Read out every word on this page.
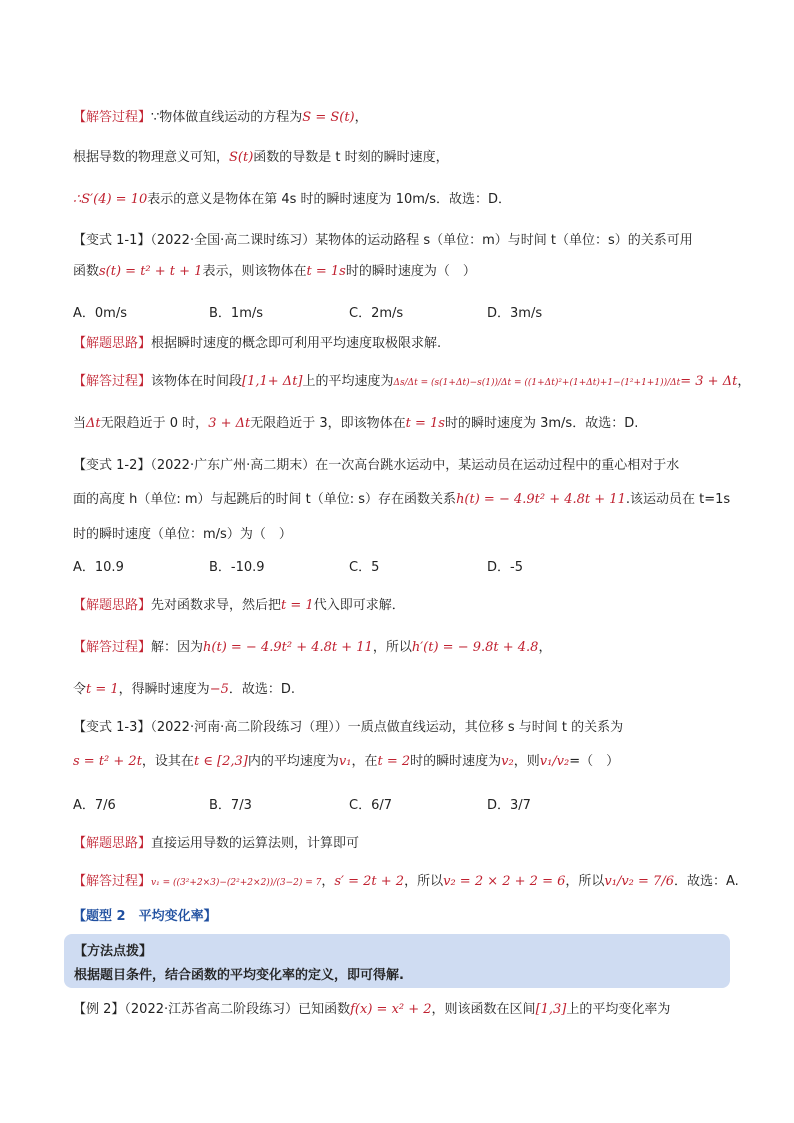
【解答过程】∵物体做直线运动的方程为S = S(t)，
根据导数的物理意义可知，S(t)函数的导数是 t 时刻的瞬时速度，
∴S′(4) = 10表示的意义是物体在第 4s 时的瞬时速度为 10m/s．故选：D．
【变式 1-1】（2022·全国·高二课时练习）某物体的运动路程 s（单位：m）与时间 t（单位：s）的关系可用
函数s(t) = t² + t + 1表示，则该物体在t = 1s时的瞬时速度为（　）
A．0m/s	B．1m/s	C．2m/s	D．3m/s
【解题思路】根据瞬时速度的概念即可利用平均速度取极限求解.
【解答过程】该物体在时间段[1,1+ Δt]上的平均速度为Δs/Δt = (s(1+Δt)−s(1))/Δt = ((1+Δt)²+(1+Δt)+1−(1²+1+1))/Δt= 3 + Δt，
当Δt无限趋近于 0 时，3 + Δt无限趋近于 3，即该物体在t = 1s时的瞬时速度为 3m/s．故选：D.
【变式 1-2】（2022·广东广州·高二期末）在一次高台跳水运动中，某运动员在运动过程中的重心相对于水
面的高度 h（单位: m）与起跳后的时间 t（单位: s）存在函数关系h(t) = − 4.9t² + 4.8t + 11.该运动员在 t=1s
时的瞬时速度（单位：m/s）为（　）
A．10.9	B．-10.9	C．5	D．-5
【解题思路】先对函数求导，然后把t = 1代入即可求解．
【解答过程】解：因为h(t) = − 4.9t² + 4.8t + 11，所以h′(t) = − 9.8t + 4.8，
令t = 1，得瞬时速度为−5．故选：D.
【变式 1-3】（2022·河南·高二阶段练习（理））一质点做直线运动，其位移 s 与时间 t 的关系为
s = t² + 2t，设其在t ∈ [2,3]内的平均速度为v₁，在t = 2时的瞬时速度为v₂，则v₁/v₂=（　）
A．7/6	B．7/3	C．6/7	D．3/7
【解题思路】直接运用导数的运算法则，计算即可
【解答过程】v₁ = ((3²+2×3)−(2²+2×2))/(3−2) = 7，s′ = 2t + 2，所以v₂ = 2 × 2 + 2 = 6，所以v₁/v₂ = 7/6．故选：A.
【题型 2　平均变化率】
【方法点拨】
根据题目条件，结合函数的平均变化率的定义，即可得解.
【例 2】（2022·江苏省高二阶段练习）已知函数f(x) = x² + 2，则该函数在区间[1,3]上的平均变化率为
